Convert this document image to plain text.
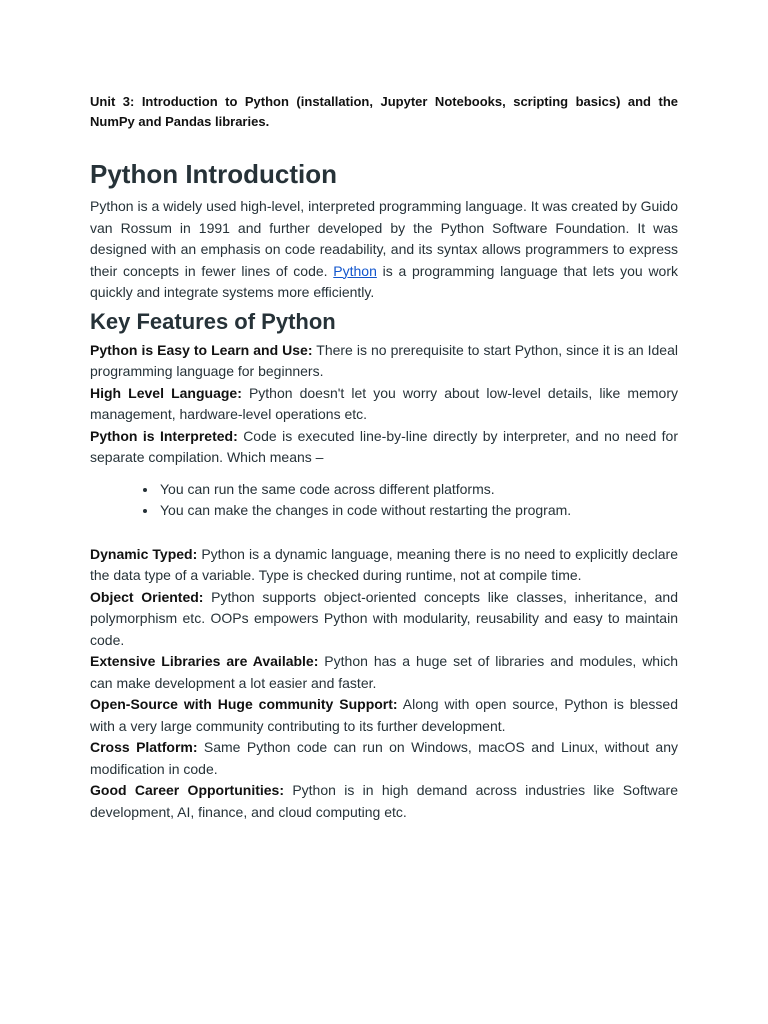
Unit 3: Introduction to Python (installation, Jupyter Notebooks, scripting basics) and the NumPy and Pandas libraries.

Python Introduction

Python is a widely used high-level, interpreted programming language. It was created by Guido van Rossum in 1991 and further developed by the Python Software Foundation. It was designed with an emphasis on code readability, and its syntax allows programmers to express their concepts in fewer lines of code. Python is a programming language that lets you work quickly and integrate systems more efficiently.

Key Features of Python

Python is Easy to Learn and Use: There is no prerequisite to start Python, since it is an Ideal programming language for beginners.

High Level Language: Python doesn't let you worry about low-level details, like memory management, hardware-level operations etc.

Python is Interpreted: Code is executed line-by-line directly by interpreter, and no need for separate compilation. Which means –

• You can run the same code across different platforms.
• You can make the changes in code without restarting the program.

Dynamic Typed: Python is a dynamic language, meaning there is no need to explicitly declare the data type of a variable. Type is checked during runtime, not at compile time.

Object Oriented: Python supports object-oriented concepts like classes, inheritance, and polymorphism etc. OOPs empowers Python with modularity, reusability and easy to maintain code.

Extensive Libraries are Available: Python has a huge set of libraries and modules, which can make development a lot easier and faster.

Open-Source with Huge community Support: Along with open source, Python is blessed with a very large community contributing to its further development.

Cross Platform: Same Python code can run on Windows, macOS and Linux, without any modification in code.

Good Career Opportunities: Python is in high demand across industries like Software development, AI, finance, and cloud computing etc.
